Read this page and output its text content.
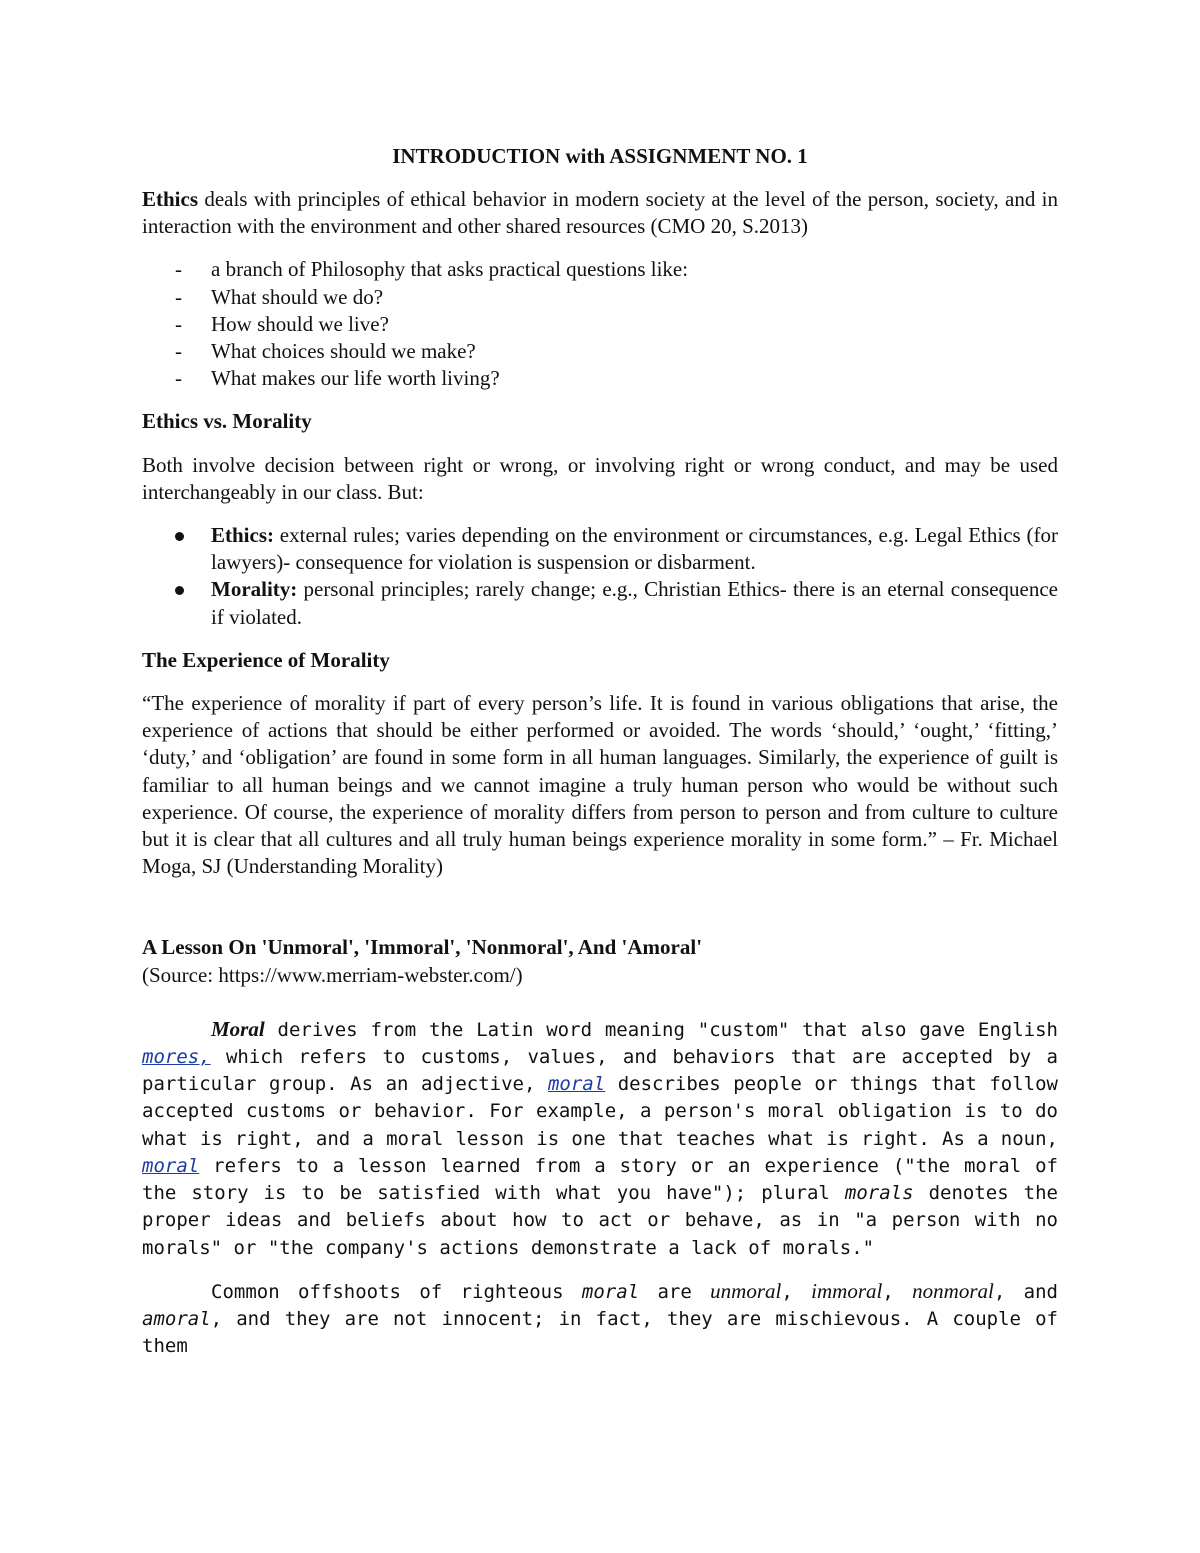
INTRODUCTION with ASSIGNMENT NO. 1

Ethics deals with principles of ethical behavior in modern society at the level of the person, society, and in interaction with the environment and other shared resources (CMO 20, S.2013)

- a branch of Philosophy that asks practical questions like:
- What should we do?
- How should we live?
- What choices should we make?
- What makes our life worth living?

Ethics vs. Morality

Both involve decision between right or wrong, or involving right or wrong conduct, and may be used interchangeably in our class. But:

Ethics: external rules; varies depending on the environment or circumstances, e.g. Legal Ethics (for lawyers)- consequence for violation is suspension or disbarment.
Morality: personal principles; rarely change; e.g., Christian Ethics- there is an eternal consequence if violated.

The Experience of Morality

“The experience of morality if part of every person’s life. It is found in various obligations that arise, the experience of actions that should be either performed or avoided. The words ‘should,’ ‘ought,’ ‘fitting,’ ‘duty,’ and ‘obligation’ are found in some form in all human languages. Similarly, the experience of guilt is familiar to all human beings and we cannot imagine a truly human person who would be without such experience. Of course, the experience of morality differs from person to person and from culture to culture but it is clear that all cultures and all truly human beings experience morality in some form.” – Fr. Michael Moga, SJ (Understanding Morality)

A Lesson On 'Unmoral', 'Immoral', 'Nonmoral', And 'Amoral'

(Source: https://www.merriam-webster.com/)

Moral derives from the Latin word meaning "custom" that also gave English mores, which refers to customs, values, and behaviors that are accepted by a particular group. As an adjective, moral describes people or things that follow accepted customs or behavior. For example, a person's moral obligation is to do what is right, and a moral lesson is one that teaches what is right. As a noun, moral refers to a lesson learned from a story or an experience ("the moral of the story is to be satisfied with what you have"); plural morals denotes the proper ideas and beliefs about how to act or behave, as in "a person with no morals" or "the company's actions demonstrate a lack of morals."

Common offshoots of righteous moral are unmoral, immoral, nonmoral, and amoral, and they are not innocent; in fact, they are mischievous. A couple of them
